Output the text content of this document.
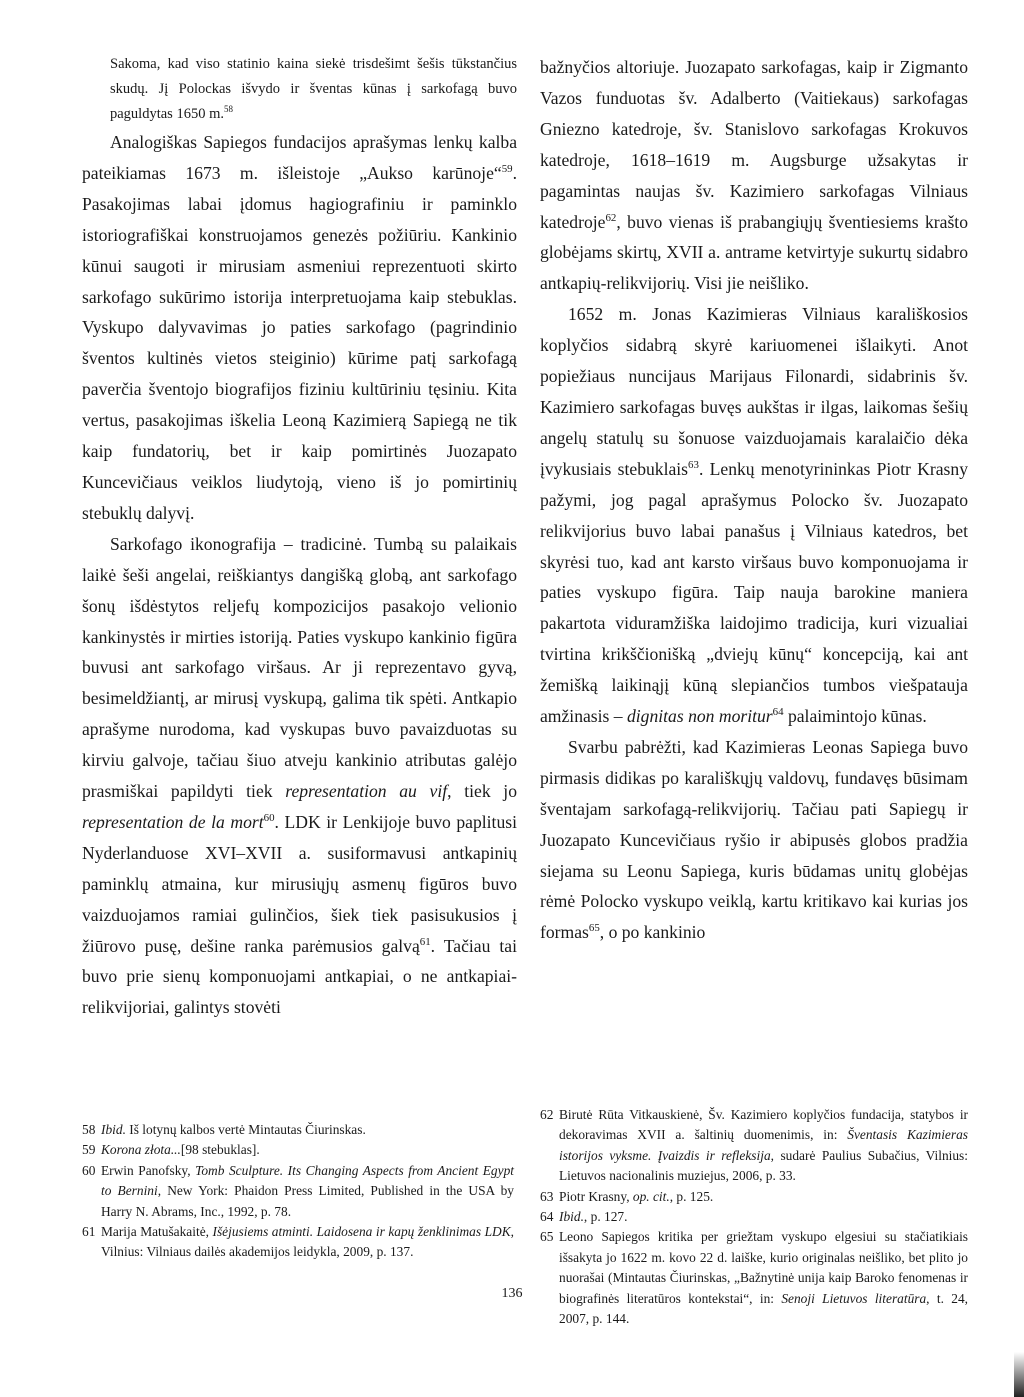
Sakoma, kad viso statinio kaina siekė trisdešimt šešis tūkstančius skudų. Jį Polockas išvydo ir šventas kūnas į sarkofagą buvo paguldytas 1650 m.$^{58}$

Analogiškas Sapiegos fundacijos aprašymas lenkų kalba pateikiamas 1673 m. išleistoje „Aukso karūnoje“$^{59}$. Pasakojimas labai įdomus hagiografiniu ir paminklo istoriografiškai konstruojamos genezės požiūriu. Kankinio kūnui saugoti ir mirusiam asmeniui reprezentuoti skirto sarkofago sukūrimo istorija interpretuojama kaip stebuklas. Vyskupo dalyvavimas jo paties sarkofago (pagrindinio šventos kultinės vietos steiginio) kūrime patį sarkofagą paverčia šventojo biografijos fiziniu kultūriniu tęsiniu. Kita vertus, pasakojimas iškelia Leoną Kazimierą Sapiegą ne tik kaip fundatorių, bet ir kaip pomirtinės Juozapato Kuncevičiaus veiklos liudytoją, vieno iš jo pomirtinių stebuklų dalyvį.

Sarkofago ikonografija – tradicinė. Tumbą su palaikais laikė šeši angelai, reiškiantys dangišką globą, ant sarkofago šonų išdėstytos reljefų kompozicijos pasakojo velionio kankinystės ir mirties istoriją. Paties vyskupo kankinio figūra buvusi ant sarkofago viršaus. Ar ji reprezentavo gyvą, besimeldžiantį, ar mirusį vyskupą, galima tik spėti. Antkapio aprašyme nurodoma, kad vyskupas buvo pavaizduotas su kirviu galvoje, tačiau šiuo atveju kankinio atributas galėjo prasmiškai papildyti tiek representation au vif, tiek jo representation de la mort$^{60}$. LDK ir Lenkijoje buvo paplitusi Nyderlanduose XVI–XVII a. susiformavusi antkapinių paminklų atmaina, kur mirusiųjų asmenų figūros buvo vaizduojamos ramiai gulinčios, šiek tiek pasisukusios į žiūrovo pusę, dešine ranka parėmusios galvą$^{61}$. Tačiau tai buvo prie sienų komponuojami antkapiai, o ne antkapiai-relikvijoriai, galintys stovėti

bažnyčios altoriuje. Juozapato sarkofagas, kaip ir Zigmanto Vazos funduotas šv. Adalberto (Vaitiekaus) sarkofagas Gniezno katedroje, šv. Stanislovo sarkofagas Krokuvos katedroje, 1618–1619 m. Augsburge užsakytas ir pagamintas naujas šv. Kazimiero sarkofagas Vilniaus katedroje$^{62}$, buvo vienas iš prabangiųjų šventiesiems krašto globėjams skirtų, XVII a. antrame ketvirtyje sukurtų sidabro antkapių-relikvijorių. Visi jie neišliko.

1652 m. Jonas Kazimieras Vilniaus karališkosios koplyčios sidabrą skyrė kariuomenei išlaikyti. Anot popiežiaus nuncijaus Marijaus Filonardi, sidabrinis šv. Kazimiero sarkofagas buvęs aukštas ir ilgas, laikomas šešių angelų statulų su šonuose vaizduojamais karalaičio dėka įvykusiais stebuklais$^{63}$. Lenkų menotyrininkas Piotr Krasny pažymi, jog pagal aprašymus Polocko šv. Juozapato relikvijorius buvo labai panašus į Vilniaus katedros, bet skyrėsi tuo, kad ant karsto viršaus buvo komponuojama ir paties vyskupo figūra. Taip nauja barokine maniera pakartota viduramžiška laidojimo tradicija, kuri vizualiai tvirtina krikščionišką „dviejų kūnų“ koncepciją, kai ant žemišką laikinąjį kūną slepiančios tumbos viešpatauja amžinasis – dignitas non moritur$^{64}$ palaimintojo kūnas.

Svarbu pabrėžti, kad Kazimieras Leonas Sapiega buvo pirmasis didikas po karališkųjų valdovų, fundavęs būsimam šventajam sarkofagą-relikvijorių. Tačiau pati Sapiegų ir Juozapato Kuncevičiaus ryšio ir abipusės globos pradžia siejama su Leonu Sapiega, kuris būdamas unitų globėjas rėmė Polocko vyskupo veiklą, kartu kritikavo kai kurias jos formas$^{65}$, o po kankinio

58 Ibid. Iš lotynų kalbos vertė Mintautas Čiurinskas.
59 Korona złota...[98 stebuklas].
60 Erwin Panofsky, Tomb Sculpture. Its Changing Aspects from Ancient Egypt to Bernini, New York: Phaidon Press Limited, Published in the USA by Harry N. Abrams, Inc., 1992, p. 78.
61 Marija Matušakaitė, Išėjusiems atminti. Laidosena ir kapų ženklinimas LDK, Vilnius: Vilniaus dailės akademijos leidykla, 2009, p. 137.
62 Birutė Rūta Vitkauskienė, Šv. Kazimiero koplyčios fundacija, statybos ir dekoravimas XVII a. šaltinių duomenimis, in: Šventasis Kazimieras istorijos vyksme. Įvaizdis ir refleksija, sudarė Paulius Subačius, Vilnius: Lietuvos nacionalinis muziejus, 2006, p. 33.
63 Piotr Krasny, op. cit., p. 125.
64 Ibid., p. 127.
65 Leono Sapiegos kritika per griežtam vyskupo elgesiui su stačiatikiais išsakyta jo 1622 m. kovo 22 d. laiške, kurio originalas neišliko, bet plito jo nuorašai (Mintautas Čiurinskas, „Bažnytinė unija kaip Baroko fenomenas ir biografinės literatūros kontekstai“, in: Senoji Lietuvos literatūra, t. 24, 2007, p. 144.
136
